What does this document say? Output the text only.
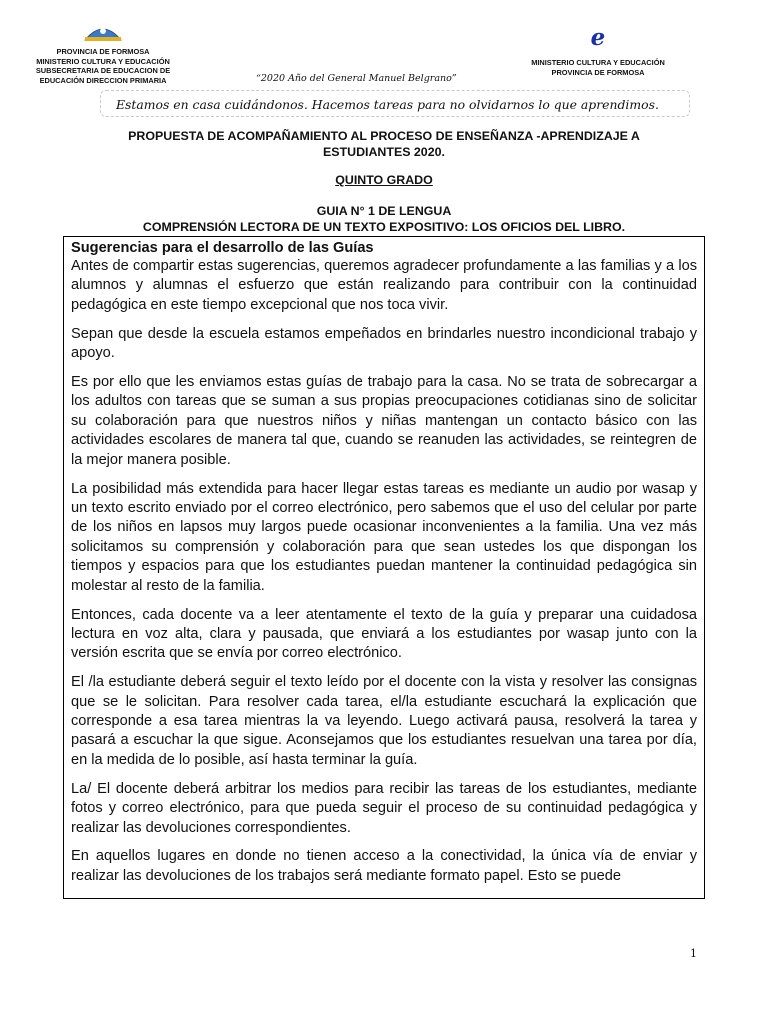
PROVINCIA DE FORMOSA
MINISTERIO CULTURA Y EDUCACIÓN
SUBSECRETARIA DE EDUCACION DE
EDUCACIÓN DIRECCION PRIMARIA
e
MINISTERIO CULTURA Y EDUCACIÓN
PROVINCIA DE FORMOSA
“2020 Año del General Manuel Belgrano”
Estamos en casa cuidándonos. Hacemos tareas para no olvidarnos lo que aprendimos.
PROPUESTA DE ACOMPAÑAMIENTO AL PROCESO DE ENSEÑANZA -APRENDIZAJE A
ESTUDIANTES 2020.
QUINTO GRADO
GUIA N° 1 DE LENGUA
COMPRENSIÓN LECTORA DE UN TEXTO EXPOSITIVO: LOS OFICIOS DEL LIBRO.
Sugerencias para el desarrollo de las Guías

Antes de compartir estas sugerencias, queremos agradecer profundamente a las familias y a los alumnos y alumnas el esfuerzo que están realizando para contribuir con la continuidad pedagógica en este tiempo excepcional que nos toca vivir.

Sepan que desde la escuela estamos empeñados en brindarles nuestro incondicional trabajo y apoyo.

Es por ello que les enviamos estas guías de trabajo para la casa. No se trata de sobrecargar a los adultos con tareas que se suman a sus propias preocupaciones cotidianas sino de solicitar su colaboración para que nuestros niños y niñas mantengan un contacto básico con las actividades escolares de manera tal que, cuando se reanuden las actividades, se reintegren de la mejor manera posible.

La posibilidad más extendida para hacer llegar estas tareas es mediante un audio por wasap y un texto escrito enviado por el correo electrónico, pero sabemos que el uso del celular por parte de los niños en lapsos muy largos puede ocasionar inconvenientes a la familia. Una vez más solicitamos su comprensión y colaboración para que sean ustedes los que dispongan los tiempos y espacios para que los estudiantes puedan mantener la continuidad pedagógica sin molestar al resto de la familia.

Entonces, cada docente va a leer atentamente el texto de la guía y preparar una cuidadosa lectura en voz alta, clara y pausada, que enviará a los estudiantes por wasap junto con la versión escrita que se envía por correo electrónico.

El /la estudiante deberá seguir el texto leído por el docente con la vista y resolver las consignas que se le solicitan. Para resolver cada tarea, el/la estudiante escuchará la explicación que corresponde a esa tarea mientras la va leyendo. Luego activará pausa, resolverá la tarea y pasará a escuchar la que sigue. Aconsejamos que los estudiantes resuelvan una tarea por día, en la medida de lo posible, así hasta terminar la guía.

La/ El docente deberá arbitrar los medios para recibir las tareas de los estudiantes, mediante fotos y correo electrónico, para que pueda seguir el proceso de su continuidad pedagógica y realizar las devoluciones correspondientes.

En aquellos lugares en donde no tienen acceso a la conectividad, la única vía de enviar y realizar las devoluciones de los trabajos será mediante formato papel. Esto se puede

1
